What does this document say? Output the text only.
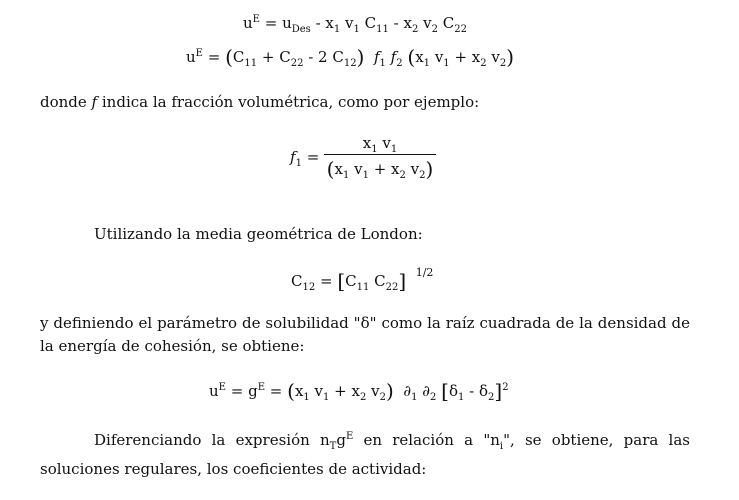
$u^E = u_{Des} - x_1$ $v_1$ $C_{11} - x_2$ $v_2$ $C_{22}$
$u^E = (C_{11} + C_{22} - 2$ $C_{12}$) $f_1$ $f_2$ ($x_1$ $v_1 + x_2$ $v_2$)
donde f indica la fracción volumétrica, como por ejemplo:
$f_1$ =
$x_1$ $v_1$
($x_1$ $v_1 + x_2$ $v_2$)
Utilizando la media geométrica de London:
$C_{12} = [C_{11}$ $C_{22}$] $^{1/2}$
y definiendo el parámetro de solubilidad "δ" como la raíz cuadrada de la densidad de la energía de cohesión, se obtiene:
$u^E = g^E = (x_1$ $v_1 + x_2$ $v_2$) $\partial_1$ $\partial_2$ $[\delta_1 - \delta_2]^2$
Diferenciando la expresión $n_Tg^E$ en relación a "$n_i$", se obtiene, para las soluciones regulares, los coeficientes de actividad:
